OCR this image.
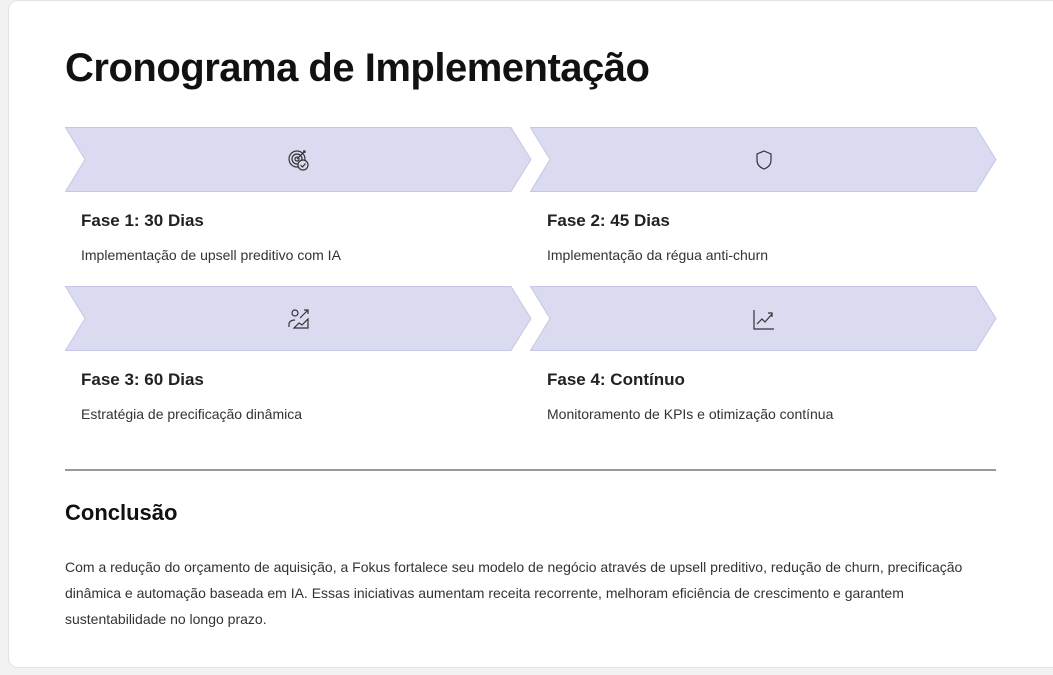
Cronograma de Implementação
Fase 1: 30 Dias
Implementação de upsell preditivo com IA
Fase 2: 45 Dias
Implementação da régua anti-churn
Fase 3: 60 Dias
Estratégia de precificação dinâmica
Fase 4: Contínuo
Monitoramento de KPIs e otimização contínua
Conclusão

Com a redução do orçamento de aquisição, a Fokus fortalece seu modelo de negócio através de upsell preditivo, redução de churn, precificação dinâmica e automação baseada em IA. Essas iniciativas aumentam receita recorrente, melhoram eficiência de crescimento e garantem sustentabilidade no longo prazo.
